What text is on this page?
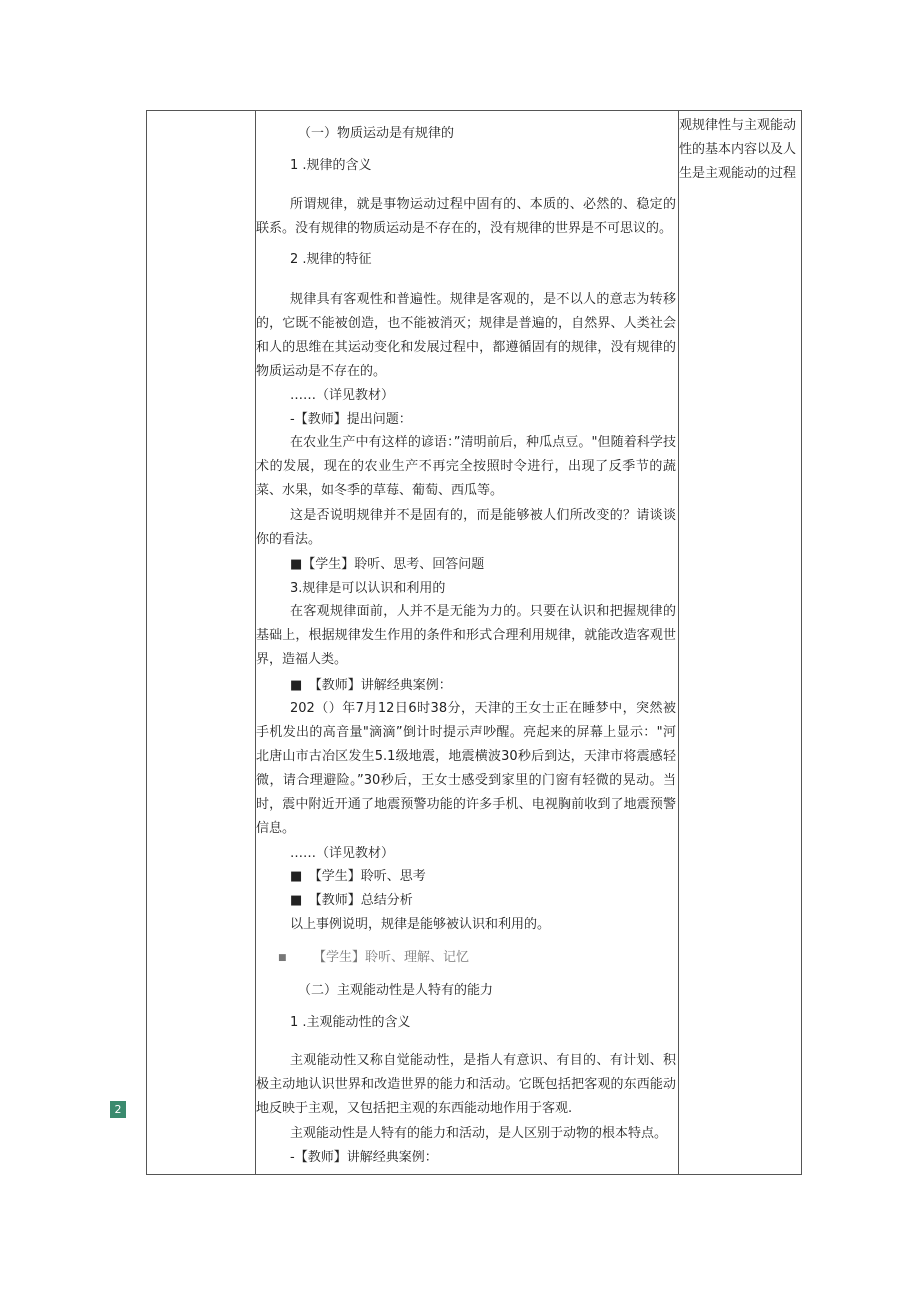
（一）物质运动是有规律的
1 .规律的含义
所谓规律，就是事物运动过程中固有的、本质的、必然的、稳定的联系。没有规律的物质运动是不存在的，没有规律的世界是不可思议的。
2 .规律的特征
规律具有客观性和普遍性。规律是客观的，是不以人的意志为转移的，它既不能被创造，也不能被消灭；规律是普遍的，自然界、人类社会和人的思维在其运动变化和发展过程中，都遵循固有的规律，没有规律的物质运动是不存在的。
……（详见教材）
-【教师】提出问题：
在农业生产中有这样的谚语：”清明前后，种瓜点豆。"但随着科学技术的发展，现在的农业生产不再完全按照时令进行，出现了反季节的蔬菜、水果，如冬季的草莓、葡萄、西瓜等。
这是否说明规律并不是固有的，而是能够被人们所改变的？请谈谈你的看法。
■【学生】聆听、思考、回答问题
3.规律是可以认识和利用的
在客观规律面前，人并不是无能为力的。只要在认识和把握规律的基础上，根据规律发生作用的条件和形式合理利用规律，就能改造客观世界，造福人类。
■　【教师】讲解经典案例：
202（）年7月12日6时38分，天津的王女士正在睡梦中，突然被手机发出的高音量"滴滴”倒计时提示声吵醒。亮起来的屏幕上显示："河北唐山市古冶区发生5.1级地震，地震横波30秒后到达，天津市将震感轻微，请合理避险。”30秒后，王女士感受到家里的门窗有轻微的晃动。当时，震中附近开通了地震预警功能的许多手机、电视胸前收到了地震预警信息。
……（详见教材）
■　【学生】聆听、思考
■　【教师】总结分析
以上事例说明，规律是能够被认识和利用的。
■ 【学生】聆听、理解、记忆
（二）主观能动性是人特有的能力
1 .主观能动性的含义
主观能动性又称自觉能动性，是指人有意识、有目的、有计划、积极主动地认识世界和改造世界的能力和活动。它既包括把客观的东西能动地反映于主观，又包括把主观的东西能动地作用于客观.
主观能动性是人特有的能力和活动，是人区别于动物的根本特点。
-【教师】讲解经典案例：
观规律性与主观能动性的基本内容以及人生是主观能动的过程
2
